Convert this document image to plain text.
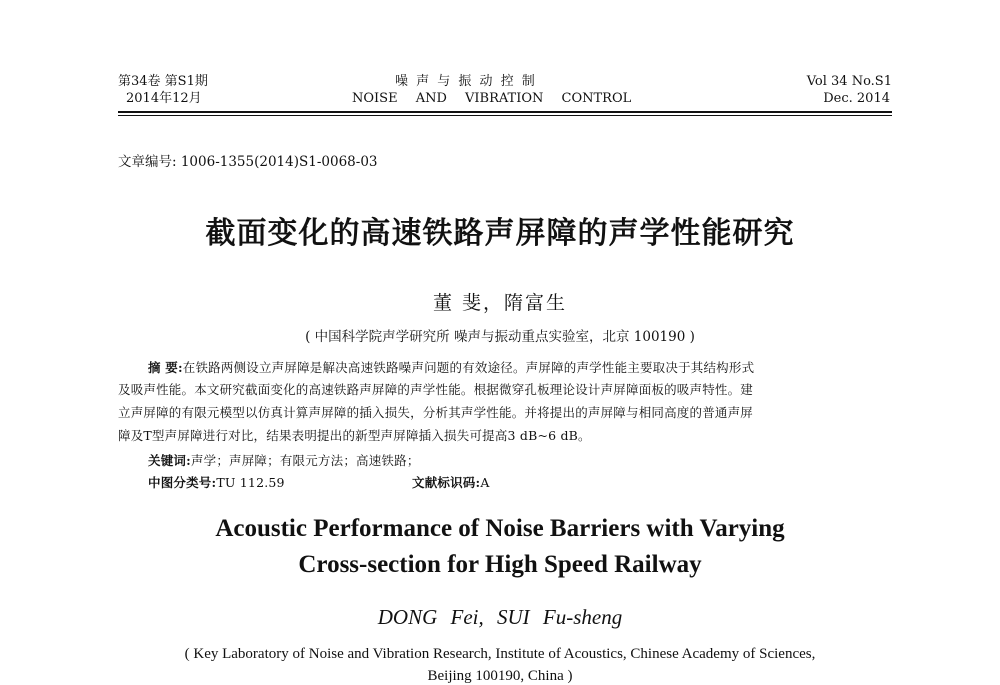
第34卷 第S1期
2014年12月
噪 声 与 振 动 控 制
NOISE AND VIBRATION CONTROL
Vol 34 No.S1
Dec. 2014
文章编号: 1006-1355(2014)S1-0068-03
截面变化的高速铁路声屏障的声学性能研究
董 斐，隋富生
( 中国科学院声学研究所 噪声与振动重点实验室，北京 100190 )
摘 要:在铁路两侧设立声屏障是解决高速铁路噪声问题的有效途径。声屏障的声学性能主要取决于其结构形式
及吸声性能。本文研究截面变化的高速铁路声屏障的声学性能。根据微穿孔板理论设计声屏障面板的吸声特性。建
立声屏障的有限元模型以仿真计算声屏障的插入损失，分析其声学性能。并将提出的声屏障与相同高度的普通声屏
障及T型声屏障进行对比，结果表明提出的新型声屏障插入损失可提高3 dB~6 dB。
关键词:声学；声屏障；有限元方法；高速铁路；
中图分类号:TU 112.59	文献标识码:A
Acoustic Performance of Noise Barriers with Varying
Cross-section for High Speed Railway
DONG Fei, SUI Fu-sheng
( Key Laboratory of Noise and Vibration Research, Institute of Acoustics, Chinese Academy of Sciences,
Beijing 100190, China )
